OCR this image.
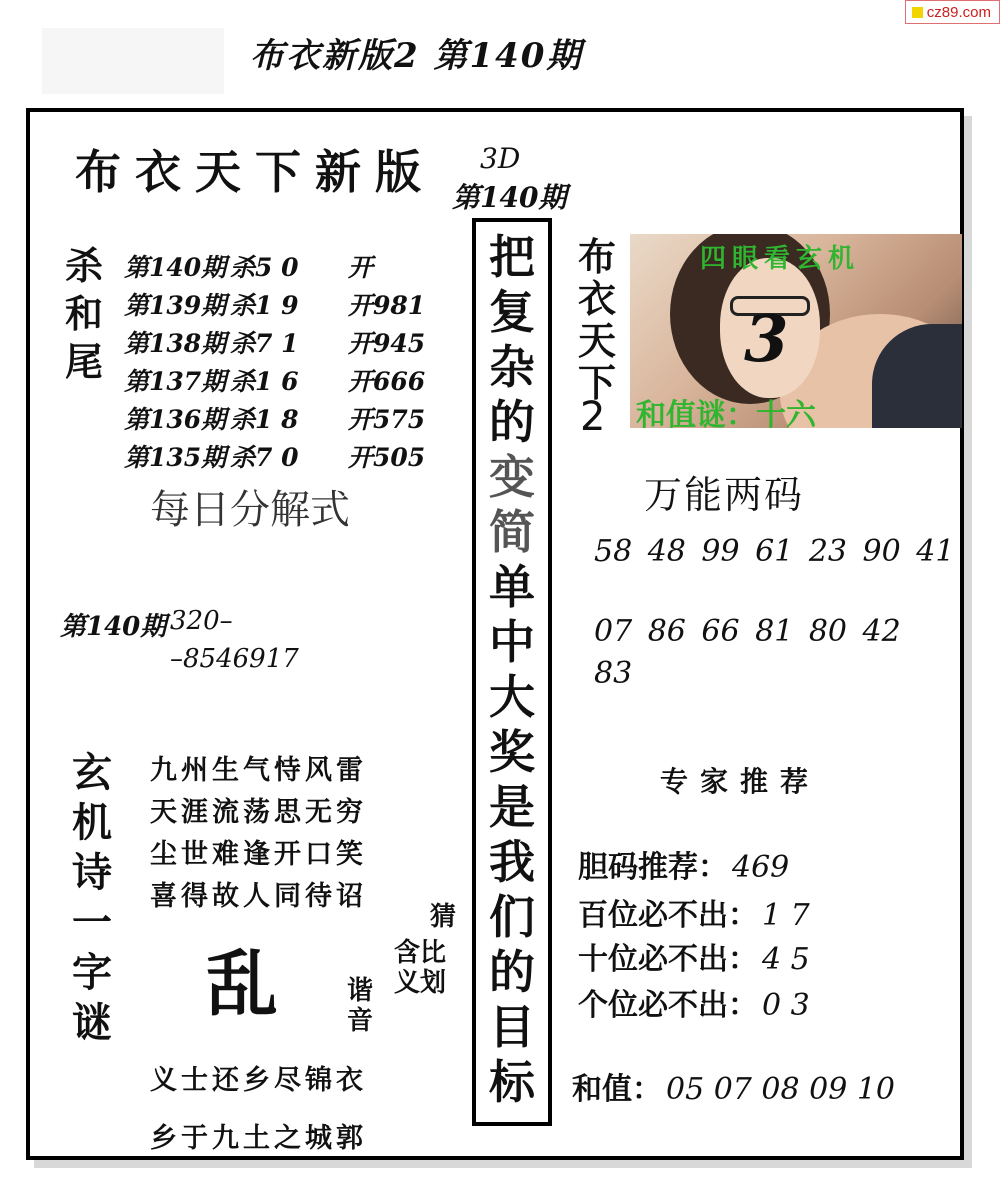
cz89.com
布衣新版2 第140期
布衣天下新版 3D
第140期
杀
和
尾
第140期 杀5 0 开
第139期 杀1 9 开981
第138期 杀7 1 开945
第137期 杀1 6 开666
第136期 杀1 8 开575
第135期 杀7 0 开505
每日分解式
第140期 320–
–8546917
玄
机
诗
一
字
谜
九州生气恃风雷
天涯流荡思无穷
尘世难逢开口笑
喜得故人同待诏
乱
猜
含比义划
谐音
义士还乡尽锦衣
乡于九土之城郭
把
复
杂
的
变
简
单
中
大
奖
是
我
们
的
目
标
布
衣
天
下
2
四眼看玄机
3
和值谜：十六
万能两码
58 48 99 61 23 90 41
07 86 66 81 80 42
83
专家推荐
胆码推荐： 469
百位必不出： 1 7
十位必不出： 4 5
个位必不出： 0 3
和值： 05 07 08 09 10
